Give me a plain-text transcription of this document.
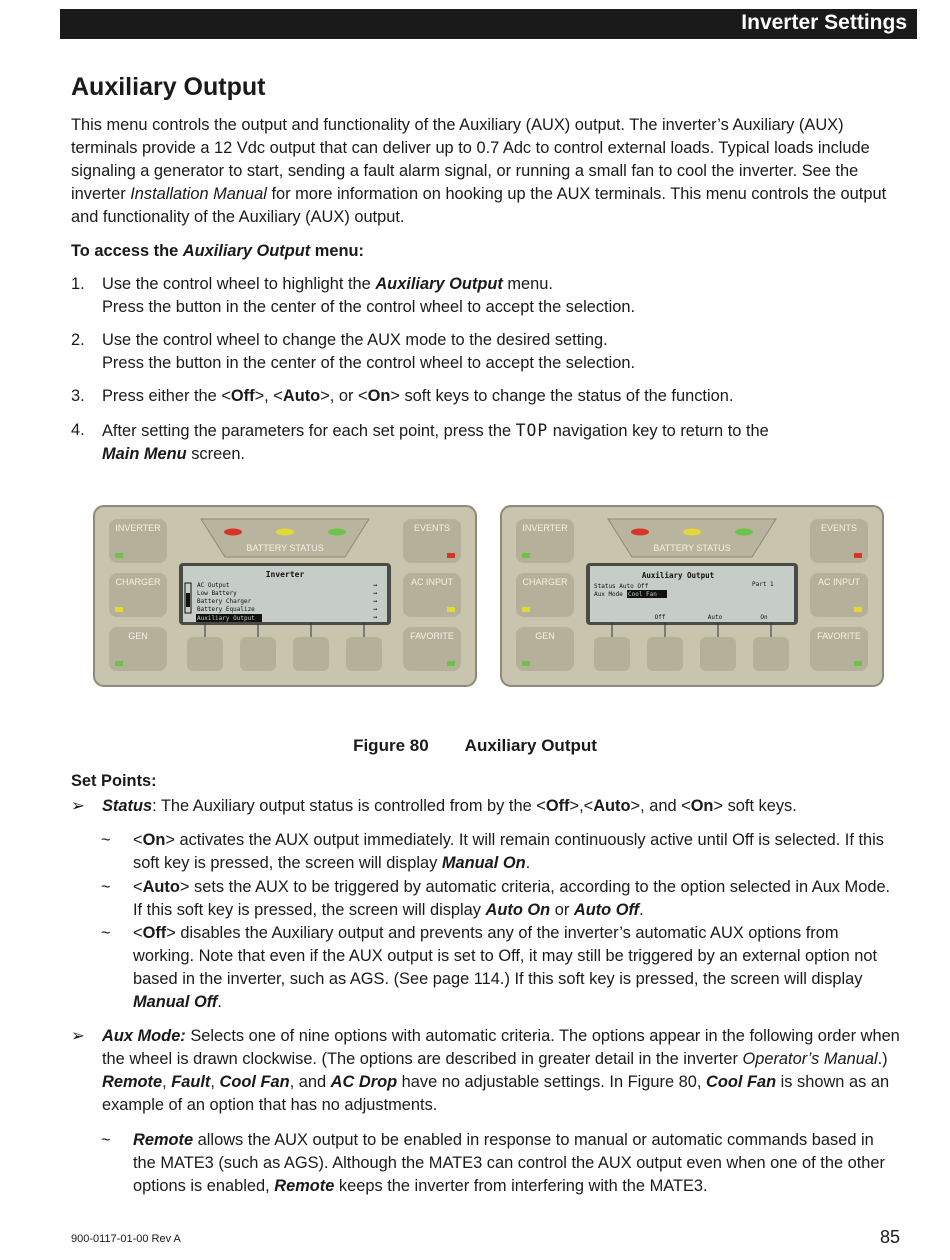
Inverter Settings
Auxiliary Output

This menu controls the output and functionality of the Auxiliary (AUX) output. The inverter’s Auxiliary (AUX) terminals provide a 12 Vdc output that can deliver up to 0.7 Adc to control external loads. Typical loads include signaling a generator to start, sending a fault alarm signal, or running a small fan to cool the inverter. See the inverter Installation Manual for more information on hooking up the AUX terminals. This menu controls the output and functionality of the Auxiliary (AUX) output.

To access the Auxiliary Output menu:

1. Use the control wheel to highlight the Auxiliary Output menu.
Press the button in the center of the control wheel to accept the selection.
2. Use the control wheel to change the AUX mode to the desired setting.
Press the button in the center of the control wheel to accept the selection.
3. Press either the <Off>, <Auto>, or <On> soft keys to change the status of the function.
4. After setting the parameters for each set point, press the TOP navigation key to return to the
Main Menu screen.
BATTERY STATUS
INVERTER
CHARGER
GEN
EVENTS
AC INPUT
FAVORITE
Inverter
AC Output
Low Battery
Battery Charger
Battery Equalize
Auxiliary Output
→
→
→
→
→
BATTERY STATUS
INVERTER
CHARGER
GEN
EVENTS
AC INPUT
FAVORITE
Auxiliary Output
Part 1
Status Auto Off
Aux Mode Cool Fan
Off	Auto	On
Figure 80 Auxiliary Output
Set Points:
➢ Status: The Auxiliary output status is controlled from by the <Off>,<Auto>, and <On> soft keys.
~ <On> activates the AUX output immediately. It will remain continuously active until Off is selected. If this soft key is pressed, the screen will display Manual On.
~ <Auto> sets the AUX to be triggered by automatic criteria, according to the option selected in Aux Mode. If this soft key is pressed, the screen will display Auto On or Auto Off.
~ <Off> disables the Auxiliary output and prevents any of the inverter’s automatic AUX options from working. Note that even if the AUX output is set to Off, it may still be triggered by an external option not based in the inverter, such as AGS. (See page 114.) If this soft key is pressed, the screen will display Manual Off.
➢ Aux Mode: Selects one of nine options with automatic criteria. The options appear in the following order when the wheel is drawn clockwise. (The options are described in greater detail in the inverter Operator’s Manual.) Remote, Fault, Cool Fan, and AC Drop have no adjustable settings. In Figure 80, Cool Fan is shown as an example of an option that has no adjustments.
~ Remote allows the AUX output to be enabled in response to manual or automatic commands based in the MATE3 (such as AGS). Although the MATE3 can control the AUX output even when one of the other options is enabled, Remote keeps the inverter from interfering with the MATE3.
900-0117-01-00 Rev A	85
